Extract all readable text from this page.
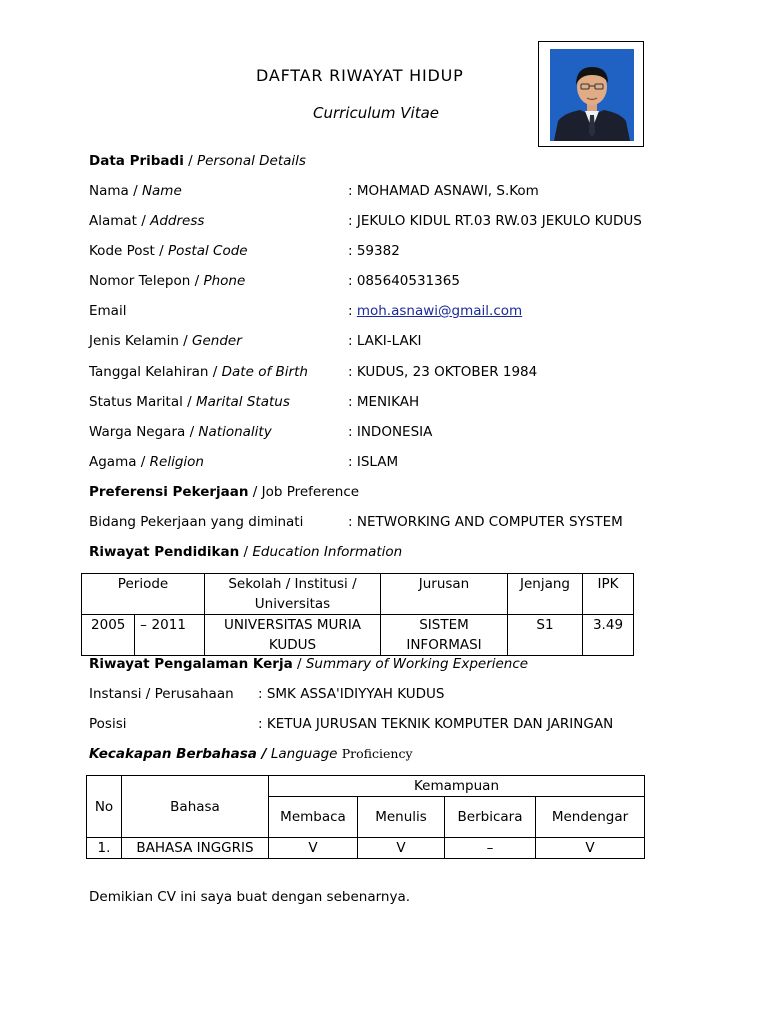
DAFTAR RIWAYAT HIDUP
Curriculum Vitae
Data Pribadi / Personal Details
Nama / Name	: MOHAMAD ASNAWI, S.Kom
Alamat / Address	: JEKULO KIDUL RT.03 RW.03 JEKULO KUDUS
Kode Post / Postal Code	: 59382
Nomor Telepon / Phone	: 085640531365
Email	: moh.asnawi@gmail.com
Jenis Kelamin / Gender	: LAKI-LAKI
Tanggal Kelahiran / Date of Birth	: KUDUS, 23 OKTOBER 1984
Status Marital / Marital Status	: MENIKAH
Warga Negara / Nationality	: INDONESIA
Agama / Religion	: ISLAM
Preferensi Pekerjaan / Job Preference
Bidang Pekerjaan yang diminati	: NETWORKING AND COMPUTER SYSTEM
Riwayat Pendidikan / Education Information
Periode			Sekolah / Institusi / Universitas	Jurusan	Jenjang	IPK
2005	–	2011	UNIVERSITAS MURIA KUDUS	SISTEM INFORMASI	S1	3.49
Riwayat Pengalaman Kerja / Summary of Working Experience
Instansi / Perusahaan : SMK ASSA'IDIYYAH KUDUS
Posisi	: KETUA JURUSAN TEKNIK KOMPUTER DAN JARINGAN
Kecakapan Berbahasa / Language Proficiency
No	Bahasa	Kemampuan			
		Membaca	Menulis	Berbicara	Mendengar
1.	BAHASA INGGRIS	V	V	–	V
Demikian CV ini saya buat dengan sebenarnya.
